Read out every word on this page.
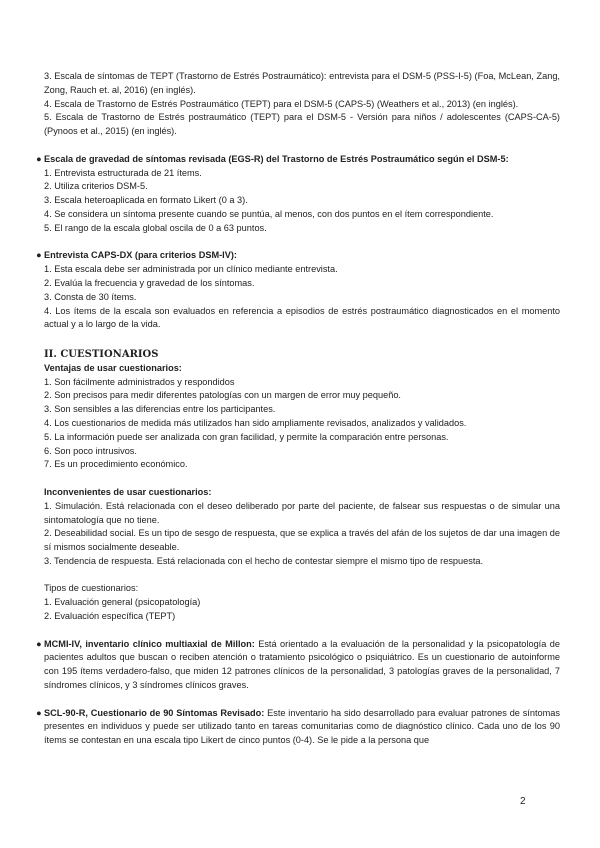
3. Escala de síntomas de TEPT (Trastorno de Estrés Postraumático): entrevista para el DSM-5 (PSS-I-5) (Foa, McLean, Zang, Zong, Rauch et. al, 2016) (en inglés).

4. Escala de Trastorno de Estrés Postraumático (TEPT) para el DSM-5 (CAPS-5) (Weathers et al., 2013) (en inglés).

5. Escala de Trastorno de Estrés postraumático (TEPT) para el DSM-5 - Versión para niños / adolescentes (CAPS-CA-5) (Pynoos et al., 2015) (en inglés).

● Escala de gravedad de síntomas revisada (EGS-R) del Trastorno de Estrés Postraumático según el DSM-5:

1. Entrevista estructurada de 21 ítems.

2. Utiliza criterios DSM-5.

3. Escala heteroaplicada en formato Likert (0 a 3).

4. Se considera un síntoma presente cuando se puntúa, al menos, con dos puntos en el ítem correspondiente.

5. El rango de la escala global oscila de 0 a 63 puntos.

● Entrevista CAPS-DX (para criterios DSM-IV):

1. Esta escala debe ser administrada por un clínico mediante entrevista.

2. Evalúa la frecuencia y gravedad de los síntomas.

3. Consta de 30 ítems.

4. Los ítems de la escala son evaluados en referencia a episodios de estrés postraumático diagnosticados en el momento actual y a lo largo de la vida.

II. CUESTIONARIOS

Ventajas de usar cuestionarios:

1. Son fácilmente administrados y respondidos

2. Son precisos para medir diferentes patologías con un margen de error muy pequeño.

3. Son sensibles a las diferencias entre los participantes.

4. Los cuestionarios de medida más utilizados han sido ampliamente revisados, analizados y validados.

5. La información puede ser analizada con gran facilidad, y permite la comparación entre personas.

6. Son poco intrusivos.

7. Es un procedimiento económico.

Inconvenientes de usar cuestionarios:

1. Simulación. Está relacionada con el deseo deliberado por parte del paciente, de falsear sus respuestas o de simular una sintomatología que no tiene.

2. Deseabilidad social. Es un tipo de sesgo de respuesta, que se explica a través del afán de los sujetos de dar una imagen de sí mismos socialmente deseable.

3. Tendencia de respuesta. Está relacionada con el hecho de contestar siempre el mismo tipo de respuesta.

Tipos de cuestionarios:

1. Evaluación general (psicopatología)

2. Evaluación específica (TEPT)

● MCMI-IV, inventario clínico multiaxial de Millon: Está orientado a la evaluación de la personalidad y la psicopatología de pacientes adultos que buscan o reciben atención o tratamiento psicológico o psiquiátrico. Es un cuestionario de autoinforme con 195 ítems verdadero-falso, que miden 12 patrones clínicos de la personalidad, 3 patologías graves de la personalidad, 7 síndromes clínicos, y 3 síndromes clínicos graves.

● SCL-90-R, Cuestionario de 90 Síntomas Revisado: Este inventario ha sido desarrollado para evaluar patrones de síntomas presentes en individuos y puede ser utilizado tanto en tareas comunitarias como de diagnóstico clínico. Cada uno de los 90 ítems se contestan en una escala tipo Likert de cinco puntos (0-4). Se le pide a la persona que

2
